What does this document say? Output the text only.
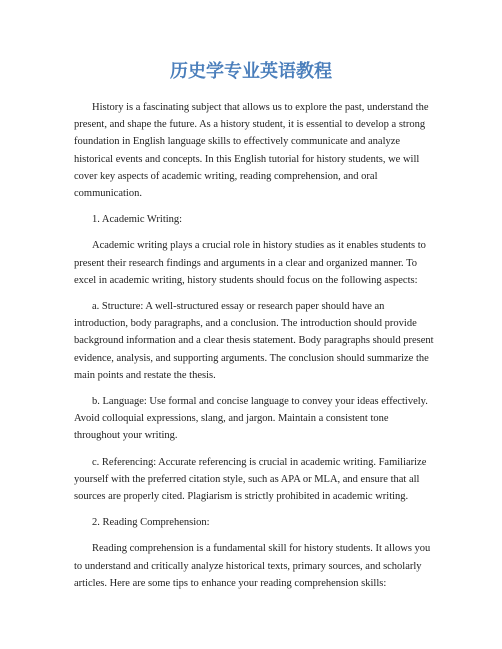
历史学专业英语教程

History is a fascinating subject that allows us to explore the past, understand the present, and shape the future. As a history student, it is essential to develop a strong foundation in English language skills to effectively communicate and analyze historical events and concepts. In this English tutorial for history students, we will cover key aspects of academic writing, reading comprehension, and oral communication.

1. Academic Writing:

Academic writing plays a crucial role in history studies as it enables students to present their research findings and arguments in a clear and organized manner. To excel in academic writing, history students should focus on the following aspects:

a. Structure: A well-structured essay or research paper should have an introduction, body paragraphs, and a conclusion. The introduction should provide background information and a clear thesis statement. Body paragraphs should present evidence, analysis, and supporting arguments. The conclusion should summarize the main points and restate the thesis.

b. Language: Use formal and concise language to convey your ideas effectively. Avoid colloquial expressions, slang, and jargon. Maintain a consistent tone throughout your writing.

c. Referencing: Accurate referencing is crucial in academic writing. Familiarize yourself with the preferred citation style, such as APA or MLA, and ensure that all sources are properly cited. Plagiarism is strictly prohibited in academic writing.

2. Reading Comprehension:

Reading comprehension is a fundamental skill for history students. It allows you to understand and critically analyze historical texts, primary sources, and scholarly articles. Here are some tips to enhance your reading comprehension skills:
